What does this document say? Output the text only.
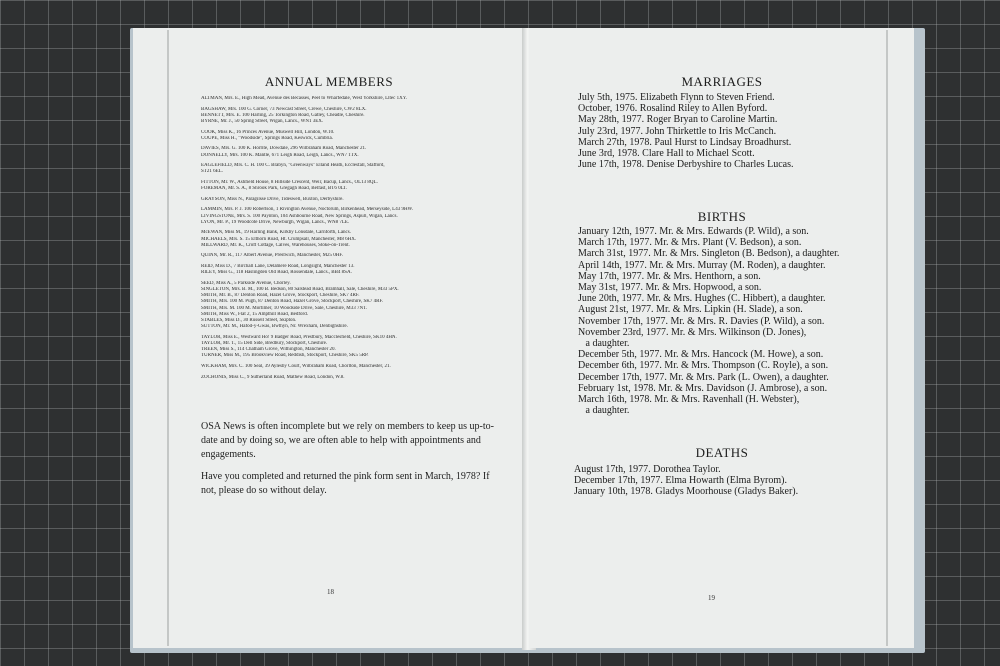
ANNUAL MEMBERS
ALTMAN, Mrs. E., High Mead, Avenue des Bécasses, Peel to Wharfedale, West Yorkshire, Lltec 1XY.
BAGSHAW, Mrs. 100 G. Corner, 73 Newcast Street, Crewe, Cheshire, CW2 8LX.
BENNETT, Mrs. E. 100 Harling, 25 Torkington Road, Gatley, Cheadle, Cheshire.
BYRNE, Mr. J., 50 Spring Street, Wigan, Lancs., WN1 3EX.
COOK, Miss K., 16 Princes Avenue, Muswell Hill, London, W.10.
COUPE, Miss H., "Woodside", Springs Road, Keswick, Cumbria.
DAVIES, Mrs. G. 100 K. Horrite, Dowdale, 296 Wilbraham Road, Manchester 21.
DONNELLY, Mrs. 100 K. Mantle, 671 Leigh Road, Leigh, Lancs., WN7 1TX.
EAGLEFIELD, Mrs. C. H. 100 C. Brabyn, "Greenways" Elland Heath, Ecclesfall, Stafford,
ST21 6EL.
FITTON, Mr. W., Ashfield House, 8 Hillside Crescent, Weir, Bacup, Lancs., OL13 8QL.
FOREMAN, Mr. S. A., 8 Shrook Park, Gregagh Road, Belfast, BT6 0LT.
GRAYSON, Miss N., Paragilsse Drive, Tideswell, Buxton, Derbyshire.
LAMMIN, Mrs. P. J. 100 Robertson, 1 Rivington Avenue, Noctorum, Birkenhead, Merseyside, L43 9HW.
LIVINGSTONE, Mrs. S. 100 Paynton, 104 Ashbourne Road, New Springs, Aspull, Wigan, Lancs.
LYON, Mr. P., 19 Woodcote Drive, Newburgh, Wigan, Lancs., WN8 7LE.
McEWAN, Miss M., 19 Harling Bank, Kirkby Lonsdale, Carnforth, Lancs.
MICHAELS, Mrs. S. 15 Elthorn Road, Ht. Crumpsall, Manchester, M8 6HX.
MILLWARD, Mr. K., Croft Cottage, Calves, Warehouses, Stoke-on-Trent.
QUINN, Mr. R., 117 Albert Avenue, Prestwich, Manchester, M25 0HF.
REID, Miss D., 7 Birchall Lane, Delamere Road, Longsight, Manchester 13.
RILEY, Miss G., 118 Haslingden Old Road, Rossendale, Lancs., BB4 8SA.
SEED, Miss A., 5 Parkside Avenue, Chorley.
SINGLETON, Mrs. B. M., 100 B. Bedson, 80 Salstead Road, Bramhall, Sale, Cheshire, M33 5PX.
SMITH, Mr. B., 87 Denton Road, Hazel Grove, Stockport, Cheshire, SK7 4RF.
SMITH, Mrs. 100 M. Pugh, 87 Denton Road, Hazel Grove, Stockport, Cheshire, SK7 4RF.
SMITH, Mrs. M. 100 M. Mortimer, 10 Woodside Drive, Sale, Cheshire, M33 7NT.
SMITH, Miss W., Flat 2, 15 Ampthill Road, Bedford.
STABLES, Miss D., 30 Russell Street, Skipton.
SUTTON, Mr. M., Hafod-y-Gwas, Bwthyn, Nr. Wrexham, Denbighshire.
TAYLOR, Miss E., Westward Ho! 9 Badger Road, Prestbury, Macclesfield, Cheshire, SK10 4HN.
TAYLOR, Mr. T., 15 Dell Side, Bredbury, Stockport, Cheshire.
TREEN, Miss S., 114 Chatham Grove, Withington, Manchester 20.
TURNER, Miss M., 195 Brookview Road, Reddish, Stockport, Cheshire, SK5 5RP.
WICKHAM, Mrs. C. 100 Seal, 39 Aylesby Court, Wilbraham Road, Chorlton, Manchester, 21.
ZOCHONIS, Miss C., 9 Sutherland Road, Mathew Road, London, W.8.
OSA News is often incomplete but we rely on members to keep us up-to-date and by doing so, we are often able to help with appointments and engagements.
Have you completed and returned the pink form sent in March, 1978? If not, please do so without delay.
18
MARRIAGES
July 5th, 1975. Elizabeth Flynn to Steven Friend.
October, 1976. Rosalind Riley to Allen Byford.
May 28th, 1977. Roger Bryan to Caroline Martin.
July 23rd, 1977. John Thirkettle to Iris McCanch.
March 27th, 1978. Paul Hurst to Lindsay Broadhurst.
June 3rd, 1978. Clare Hall to Michael Scott.
June 17th, 1978. Denise Derbyshire to Charles Lucas.
BIRTHS
January 12th, 1977. Mr. & Mrs. Edwards (P. Wild), a son.
March 17th, 1977. Mr. & Mrs. Plant (V. Bedson), a son.
March 31st, 1977. Mr. & Mrs. Singleton (B. Bedson), a daughter.
April 14th, 1977. Mr. & Mrs. Murray (M. Roden), a daughter.
May 17th, 1977. Mr. & Mrs. Henthorn, a son.
May 31st, 1977. Mr. & Mrs. Hopwood, a son.
June 20th, 1977. Mr. & Mrs. Hughes (C. Hibbert), a daughter.
August 21st, 1977. Mr. & Mrs. Lipkin (H. Slade), a son.
November 17th, 1977. Mr. & Mrs. R. Davies (P. Wild), a son.
November 23rd, 1977. Mr. & Mrs. Wilkinson (D. Jones),
a daughter.
December 5th, 1977. Mr. & Mrs. Hancock (M. Howe), a son.
December 6th, 1977. Mr. & Mrs. Thompson (C. Royle), a son.
December 17th, 1977. Mr. & Mrs. Park (L. Owen), a daughter.
February 1st, 1978. Mr. & Mrs. Davidson (J. Ambrose), a son.
March 16th, 1978. Mr. & Mrs. Ravenhall (H. Webster),
a daughter.
DEATHS
August 17th, 1977. Dorothea Taylor.
December 17th, 1977. Elma Howarth (Elma Byrom).
January 10th, 1978. Gladys Moorhouse (Gladys Baker).
19
